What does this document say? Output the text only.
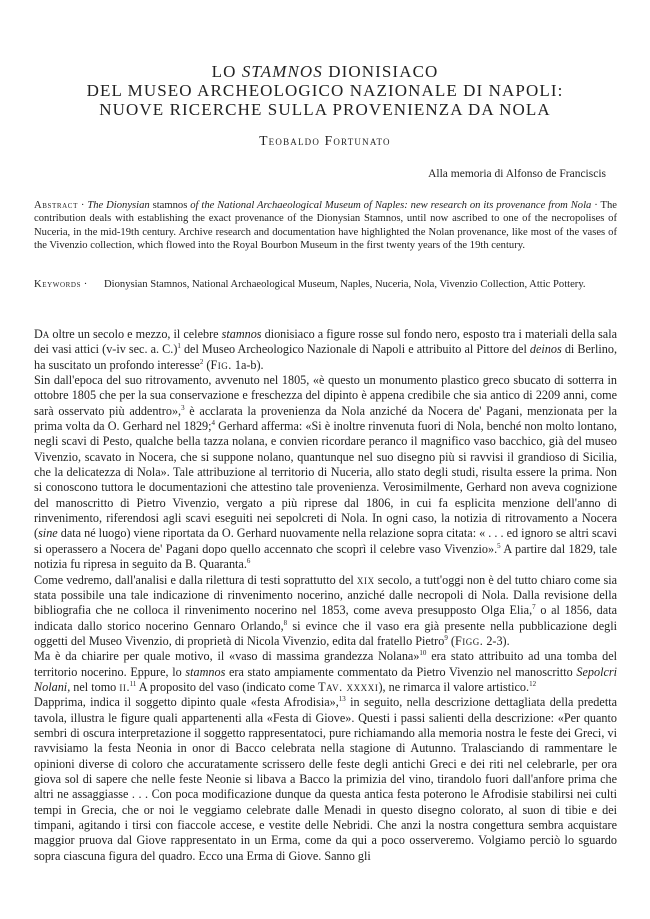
LO STAMNOS DIONISIACO
DEL MUSEO ARCHEOLOGICO NAZIONALE DI NAPOLI:
NUOVE RICERCHE SULLA PROVENIENZA DA NOLA
Teobaldo Fortunato
Alla memoria di Alfonso de Franciscis
Abstract · The Dionysian stamnos of the National Archaeological Museum of Naples: new research on its provenance from Nola · The contribution deals with establishing the exact provenance of the Dionysian Stamnos, until now ascribed to one of the necropolises of Nuceria, in the mid-19th century. Archive research and documentation have highlighted the Nolan provenance, like most of the vases of the Vivenzio collection, which flowed into the Royal Bourbon Museum in the first twenty years of the 19th century.
Keywords ·	Dionysian Stamnos, National Archaeological Museum, Naples, Nuceria, Nola, Vivenzio Collection, Attic Pottery.

Da oltre un secolo e mezzo, il celebre stamnos dionisiaco a figure rosse sul fondo nero, esposto tra i materiali della sala dei vasi attici (v-iv sec. a. C.)$^1$ del Museo Archeologico Nazionale di Napoli e attribuito al Pittore del deinos di Berlino, ha suscitato un profondo interesse$^2$ (Fig. 1a-b).

Sin dall'epoca del suo ritrovamento, avvenuto nel 1805, «è questo un monumento plastico greco sbucato di sotterra in ottobre 1805 che per la sua conservazione e freschezza del dipinto è appena credibile che sia antico di 2209 anni, come sarà osservato più addentro»,$^3$ è acclarata la provenienza da Nola anziché da Nocera de' Pagani, menzionata per la prima volta da O. Gerhard nel 1829;$^4$ Gerhard afferma: «Si è inoltre rinvenuta fuori di Nola, benché non molto lontano, negli scavi di Pesto, qualche bella tazza nolana, e convien ricordare peranco il magnifico vaso bacchico, già del museo Vivenzio, scavato in Nocera, che si suppone nolano, quantunque nel suo disegno più si ravvisi il grandioso di Sicilia, che la delicatezza di Nola». Tale attribuzione al territorio di Nuceria, allo stato degli studi, risulta essere la prima. Non si conoscono tuttora le documentazioni che attestino tale provenienza. Verosimilmente, Gerhard non aveva cognizione del manoscritto di Pietro Vivenzio, vergato a più riprese dal 1806, in cui fa esplicita menzione dell'anno di rinvenimento, riferendosi agli scavi eseguiti nei sepolcreti di Nola. In ogni caso, la notizia di ritrovamento a Nocera (sine data né luogo) viene riportata da O. Gerhard nuovamente nella relazione sopra citata: « . . . ed ignoro se altri scavi si operassero a Nocera de' Pagani dopo quello accennato che scoprì il celebre vaso Vivenzio».$^5$ A partire dal 1829, tale notizia fu ripresa in seguito da B. Quaranta.$^6$

Come vedremo, dall'analisi e dalla rilettura di testi soprattutto del xix secolo, a tutt'oggi non è del tutto chiaro come sia stata possibile una tale indicazione di rinvenimento nocerino, anziché dalle necropoli di Nola. Dalla revisione della bibliografia che ne colloca il rinvenimento nocerino nel 1853, come aveva presupposto Olga Elia,$^7$ o al 1856, data indicata dallo storico nocerino Gennaro Orlando,$^8$ si evince che il vaso era già presente nella pubblicazione degli oggetti del Museo Vivenzio, di proprietà di Nicola Vivenzio, edita dal fratello Pietro$^9$ (Figg. 2-3).

Ma è da chiarire per quale motivo, il «vaso di massima grandezza Nolana»$^{10}$ era stato attribuito ad una tomba del territorio nocerino. Eppure, lo stamnos era stato ampiamente commentato da Pietro Vivenzio nel manoscritto Sepolcri Nolani, nel tomo ii.$^{11}$ A proposito del vaso (indicato come Tav. xxxxi), ne rimarca il valore artistico.$^{12}$

Dapprima, indica il soggetto dipinto quale «festa Afrodisia»,$^{13}$ in seguito, nella descrizione dettagliata della predetta tavola, illustra le figure quali appartenenti alla «Festa di Giove». Questi i passi salienti della descrizione: «Per quanto sembri di oscura interpretazione il soggetto rappresentatoci, pure richiamando alla memoria nostra le feste dei Greci, vi ravvisiamo la festa Neonia in onor di Bacco celebrata nella stagione di Autunno. Tralasciando di rammentare le opinioni diverse di coloro che accuratamente scrissero delle feste degli antichi Greci e dei riti nel celebrarle, per ora giova sol di sapere che nelle feste Neonie si libava a Bacco la primizia del vino, tirandolo fuori dall'anfore prima che altri ne assaggiasse . . . Con poca modificazione dunque da questa antica festa poterono le Afrodisie stabilirsi nei culti tempi in Grecia, che or noi le veggiamo celebrate dalle Menadi in questo disegno colorato, al suon di tibie e dei timpani, agitando i tirsi con fiaccole accese, e vestite delle Nebridi. Che anzi la nostra congettura sembra acquistare maggior pruova dal Giove rappresentato in un Erma, come da qui a poco osserveremo. Volgiamo perciò lo sguardo sopra ciascuna figura del quadro. Ecco una Erma di Giove. Sanno gli
